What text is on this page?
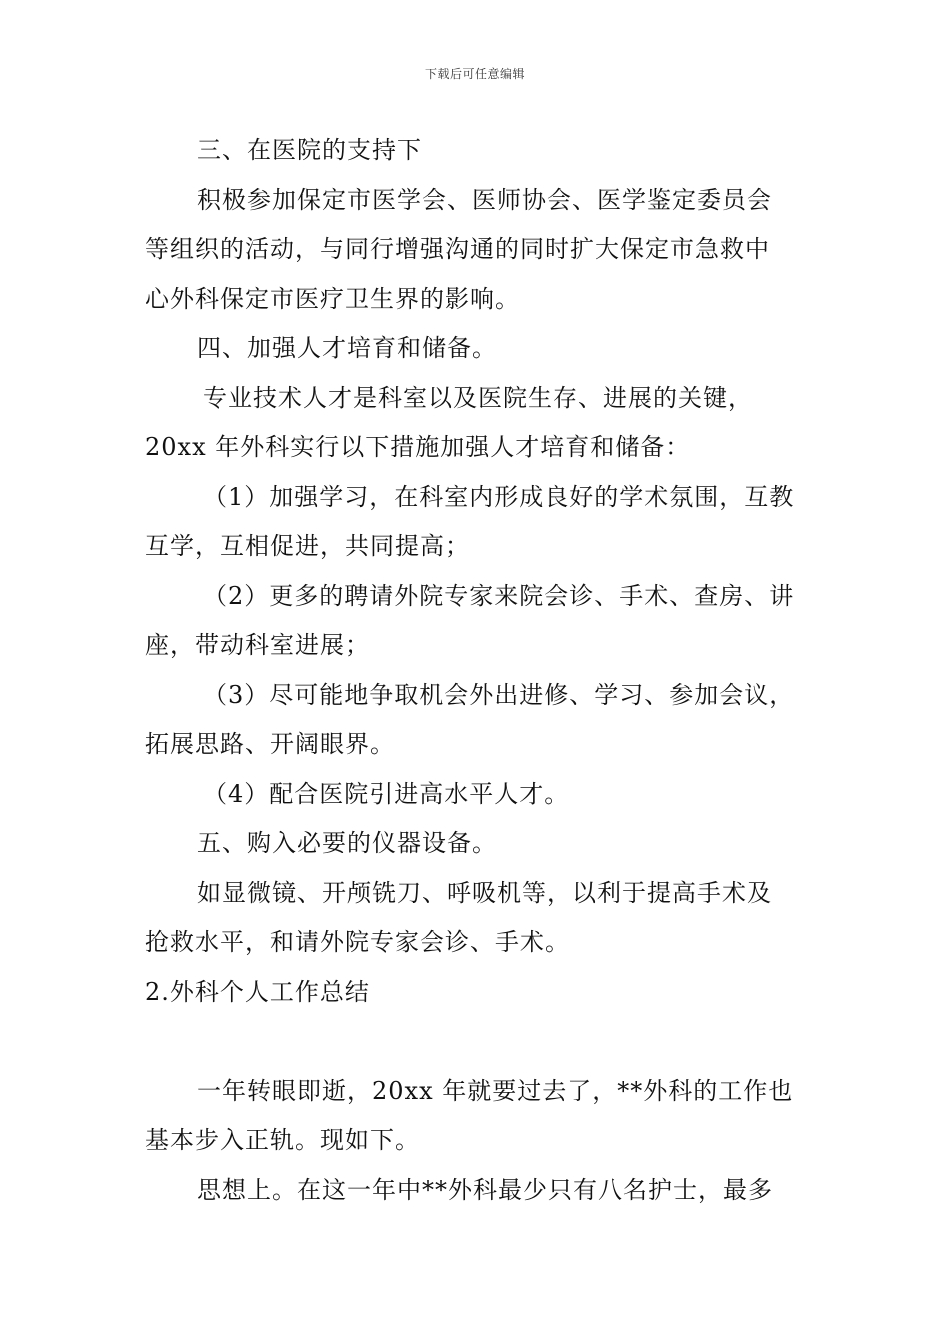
下载后可任意编辑

三、在医院的支持下

积极参加保定市医学会、医师协会、医学鉴定委员会

等组织的活动，与同行增强沟通的同时扩大保定市急救中

心外科保定市医疗卫生界的影响。

四、加强人才培育和储备。

专业技术人才是科室以及医院生存、进展的关键，

20xx 年外科实行以下措施加强人才培育和储备：

（1）加强学习，在科室内形成良好的学术氛围，互教

互学，互相促进，共同提高；

（2）更多的聘请外院专家来院会诊、手术、查房、讲

座，带动科室进展；

（3）尽可能地争取机会外出进修、学习、参加会议，

拓展思路、开阔眼界。

（4）配合医院引进高水平人才。

五、购入必要的仪器设备。

如显微镜、开颅铣刀、呼吸机等，以利于提高手术及

抢救水平，和请外院专家会诊、手术。

2.外科个人工作总结

一年转眼即逝，20xx 年就要过去了，**外科的工作也

基本步入正轨。现如下。

思想上。在这一年中**外科最少只有八名护士，最多
